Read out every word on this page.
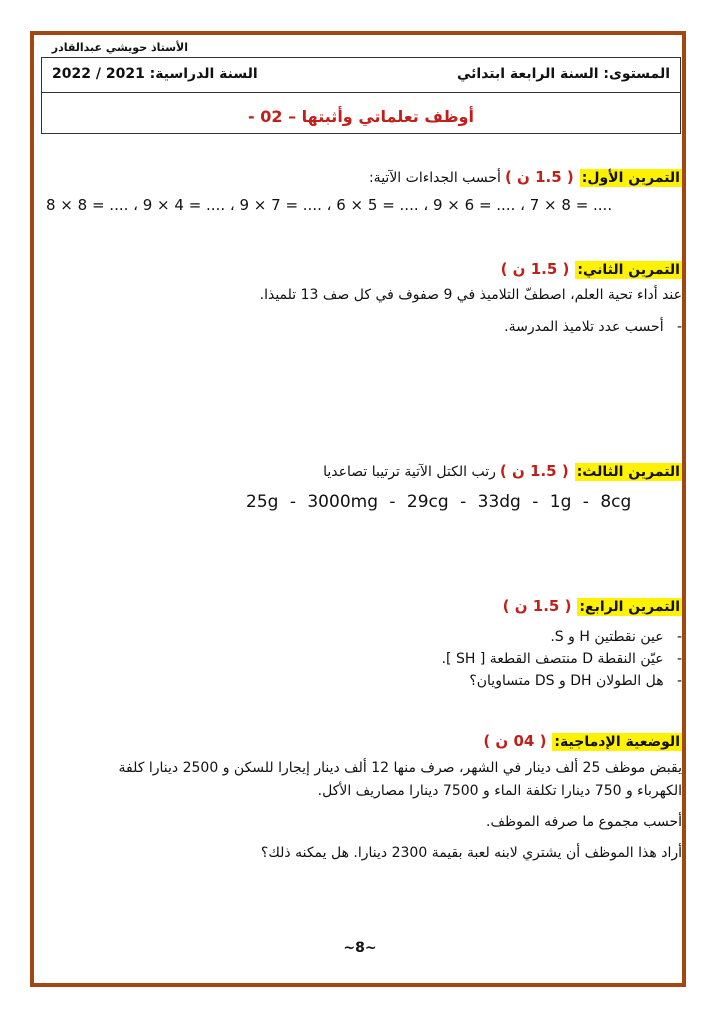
الأستاذ حويشي عبدالقادر
المستوى: السنة الرابعة ابتدائي
السنة الدراسية: 2021 / 2022
أوظف تعلماتي وأثبتها – 02 -
التمرين الأول:( 1.5 ن )أحسب الجداءات الآتية:
8 × 8 = .... ، 9 × 4 = .... ، 9 × 7 = .... ، 6 × 5 = .... ، 9 × 6 = .... ، 7 × 8 = ....
التمرين الثاني:( 1.5 ن )
عند أداء تحية العلم، اصطفّ التلاميذ في 9 صفوف في كل صف 13 تلميذا.
-   أحسب عدد تلاميذ المدرسة.
التمرين الثالث:( 1.5 ن )رتب الكتل الآتية ترتيبا تصاعديا
25g - 3000mg - 29cg - 33dg - 1g - 8cg
التمرين الرابع:( 1.5 ن )
-   عين نقطتين H و S.
-   عيّن النقطة D منتصف القطعة [ SH ].
-   هل الطولان DH و DS متساويان؟
الوضعية الإدماجية:( 04 ن )
يقبض موظف 25 ألف دينار في الشهر، صرف منها 12 ألف دينار إيجارا للسكن و 2500 دينارا كلفة
الكهرباء و 750 دينارا تكلفة الماء و 7500 دينارا مصاريف الأكل.
أحسب مجموع ما صرفه الموظف.
أراد هذا الموظف أن يشتري لابنه لعبة بقيمة 2300 دينارا. هل يمكنه ذلك؟
~8~
